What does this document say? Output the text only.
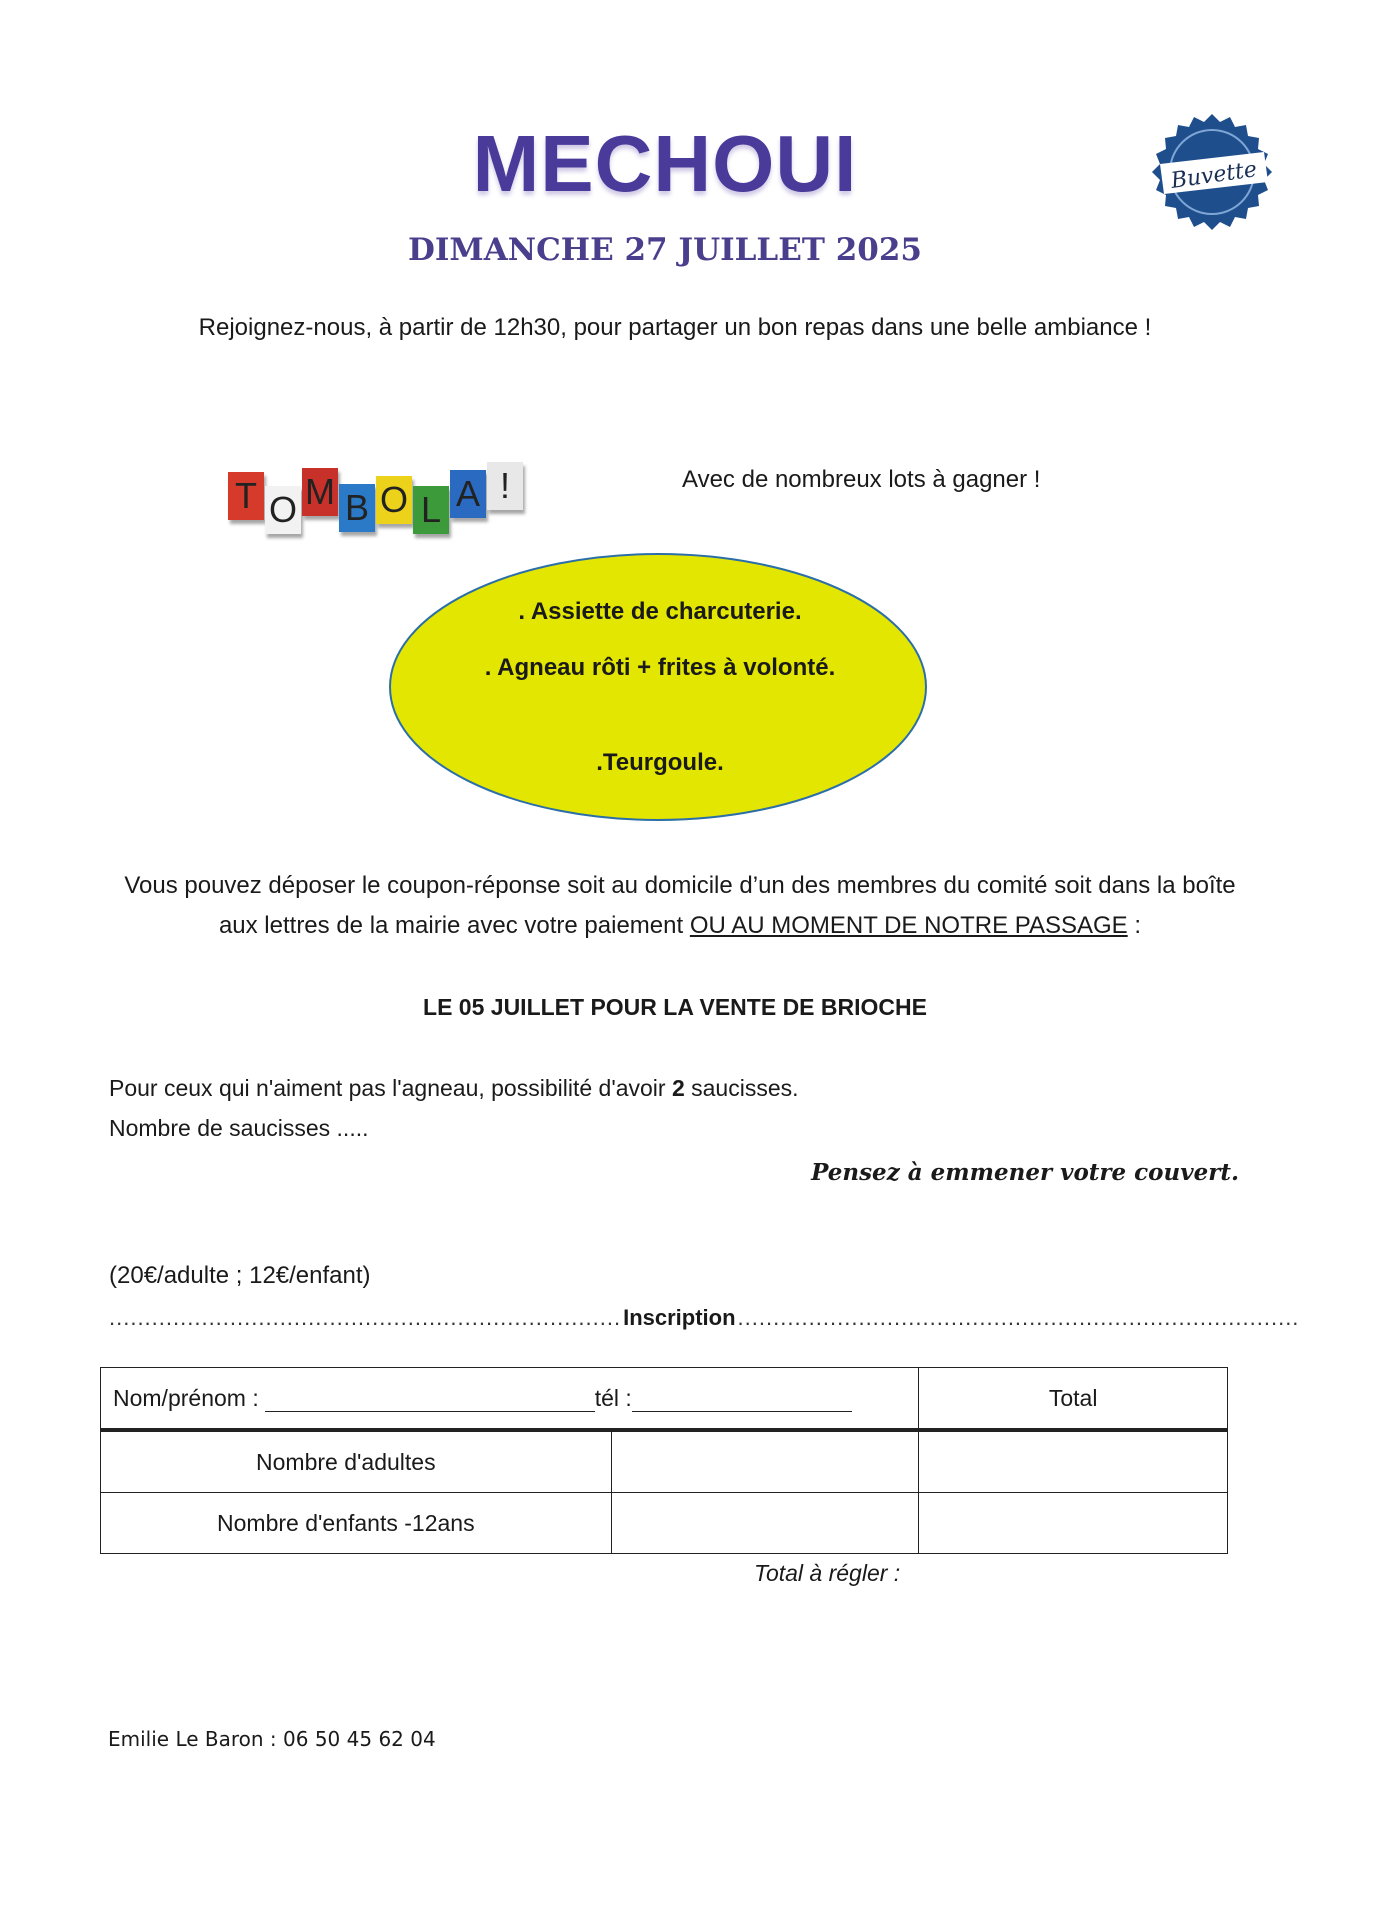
MECHOUI
DIMANCHE 27 JUILLET 2025
Rejoignez-nous, à partir de 12h30, pour partager un bon repas dans une belle ambiance !
Buvette
T O M B O L A !	Avec de nombreux lots à gagner !
. Assiette de charcuterie.
. Agneau rôti + frites à volonté.
.Teurgoule.
Vous pouvez déposer le coupon-réponse soit au domicile d’un des membres du comité soit dans la boîte aux lettres de la mairie avec votre paiement OU AU MOMENT DE NOTRE PASSAGE :
LE 05 JUILLET POUR LA VENTE DE BRIOCHE
Pour ceux qui n'aiment pas l'agneau, possibilité d'avoir 2 saucisses.
Nombre de saucisses .....
Pensez à emmener votre couvert.
(20€/adulte ; 12€/enfant)
........................................................................ Inscription ...............................................................................
Nom/prénom : tél :		Total
Nombre d'adultes		
Nombre d'enfants -12ans		
Total à régler :
Emilie Le Baron : 06 50 45 62 04
